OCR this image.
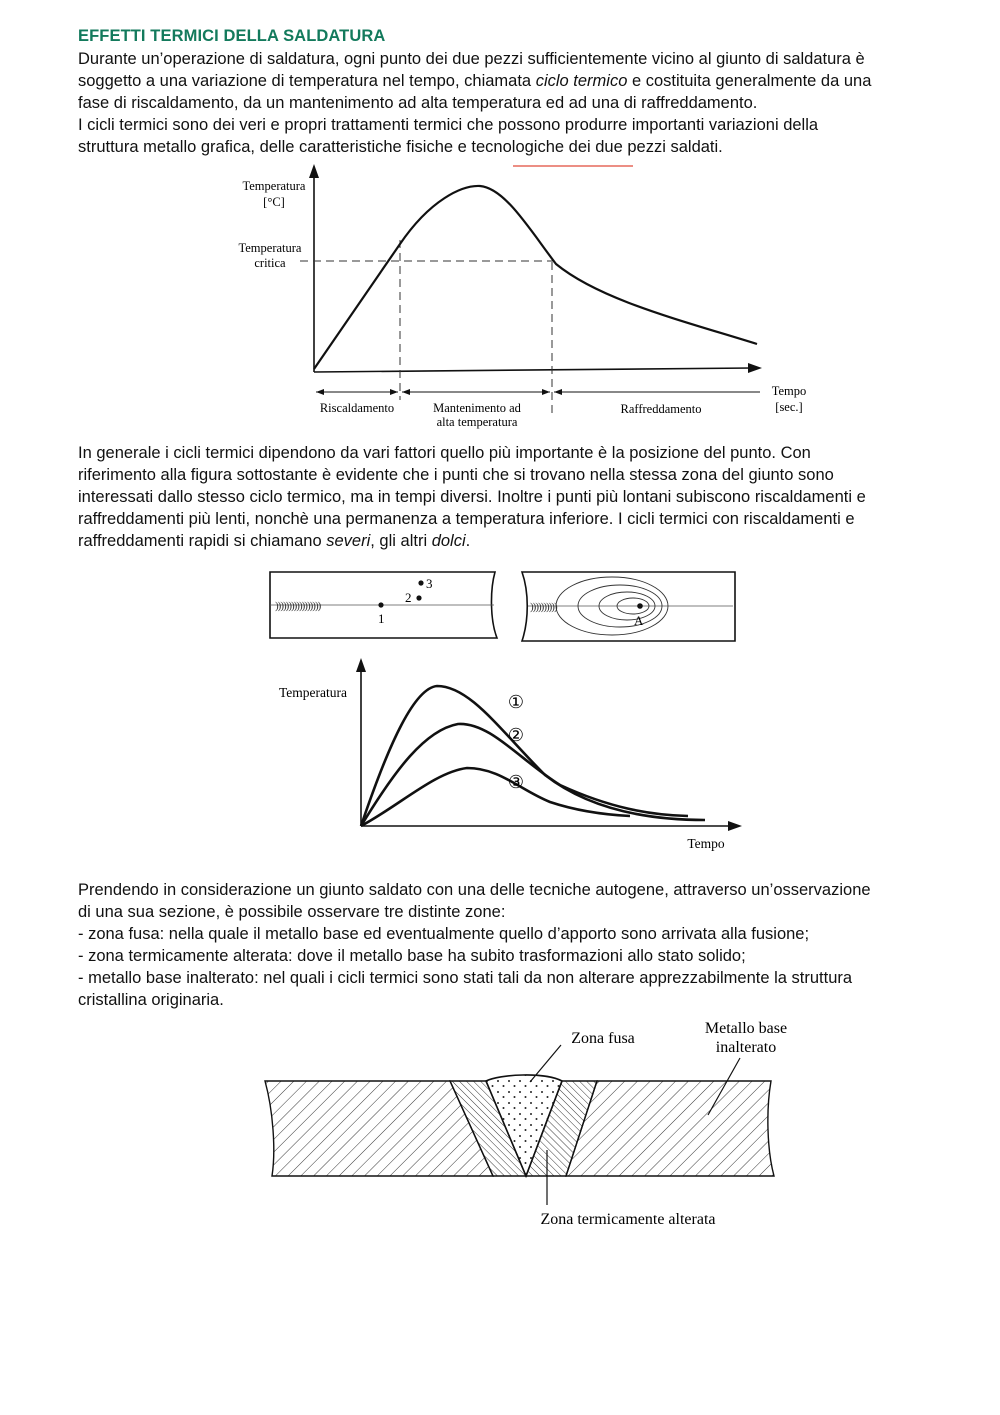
EFFETTI TERMICI DELLA SALDATURA
Durante un’operazione di saldatura, ogni punto dei due pezzi sufficientemente vicino al giunto di saldatura è
soggetto a una variazione di temperatura nel tempo, chiamata ciclo termico e costituita generalmente da una
fase di riscaldamento, da un mantenimento ad alta temperatura ed ad una di raffreddamento.
I cicli termici sono dei veri e propri trattamenti termici che possono produrre importanti variazioni della
struttura metallo grafica, delle caratteristiche fisiche e tecnologiche dei due pezzi saldati.
Temperatura
[°C]
Temperatura
critica
Tempo
[sec.]
Riscaldamento	Mantenimento ad
alta temperatura
Raffreddamento
In generale i cicli termici dipendono da vari fattori quello più importante è la posizione del punto. Con
riferimento alla figura sottostante è evidente che i punti che si trovano nella stessa zona del giunto sono
interessati dallo stesso ciclo termico, ma in tempi diversi. Inoltre i punti più lontani subiscono riscaldamenti e
raffreddamenti più lenti, nonchè una permanenza a temperatura inferiore. I cicli termici con riscaldamenti e
raffreddamenti rapidi si chiamano severi, gli altri dolci.
)))))))))))))))))
1
2
3
))))))))))
A
Temperatura
Tempo
①
②
③
Prendendo in considerazione un giunto saldato con una delle tecniche autogene, attraverso un’osservazione
di una sua sezione, è possibile osservare tre distinte zone:
- zona fusa: nella quale il metallo base ed eventualmente quello d’apporto sono arrivata alla fusione;
- zona termicamente alterata: dove il metallo base ha subito trasformazioni allo stato solido;
- metallo base inalterato: nel quali i cicli termici sono stati tali da non alterare apprezzabilmente la struttura
cristallina originaria.
Zona fusa
Metallo base
inalterato
Zona termicamente alterata
